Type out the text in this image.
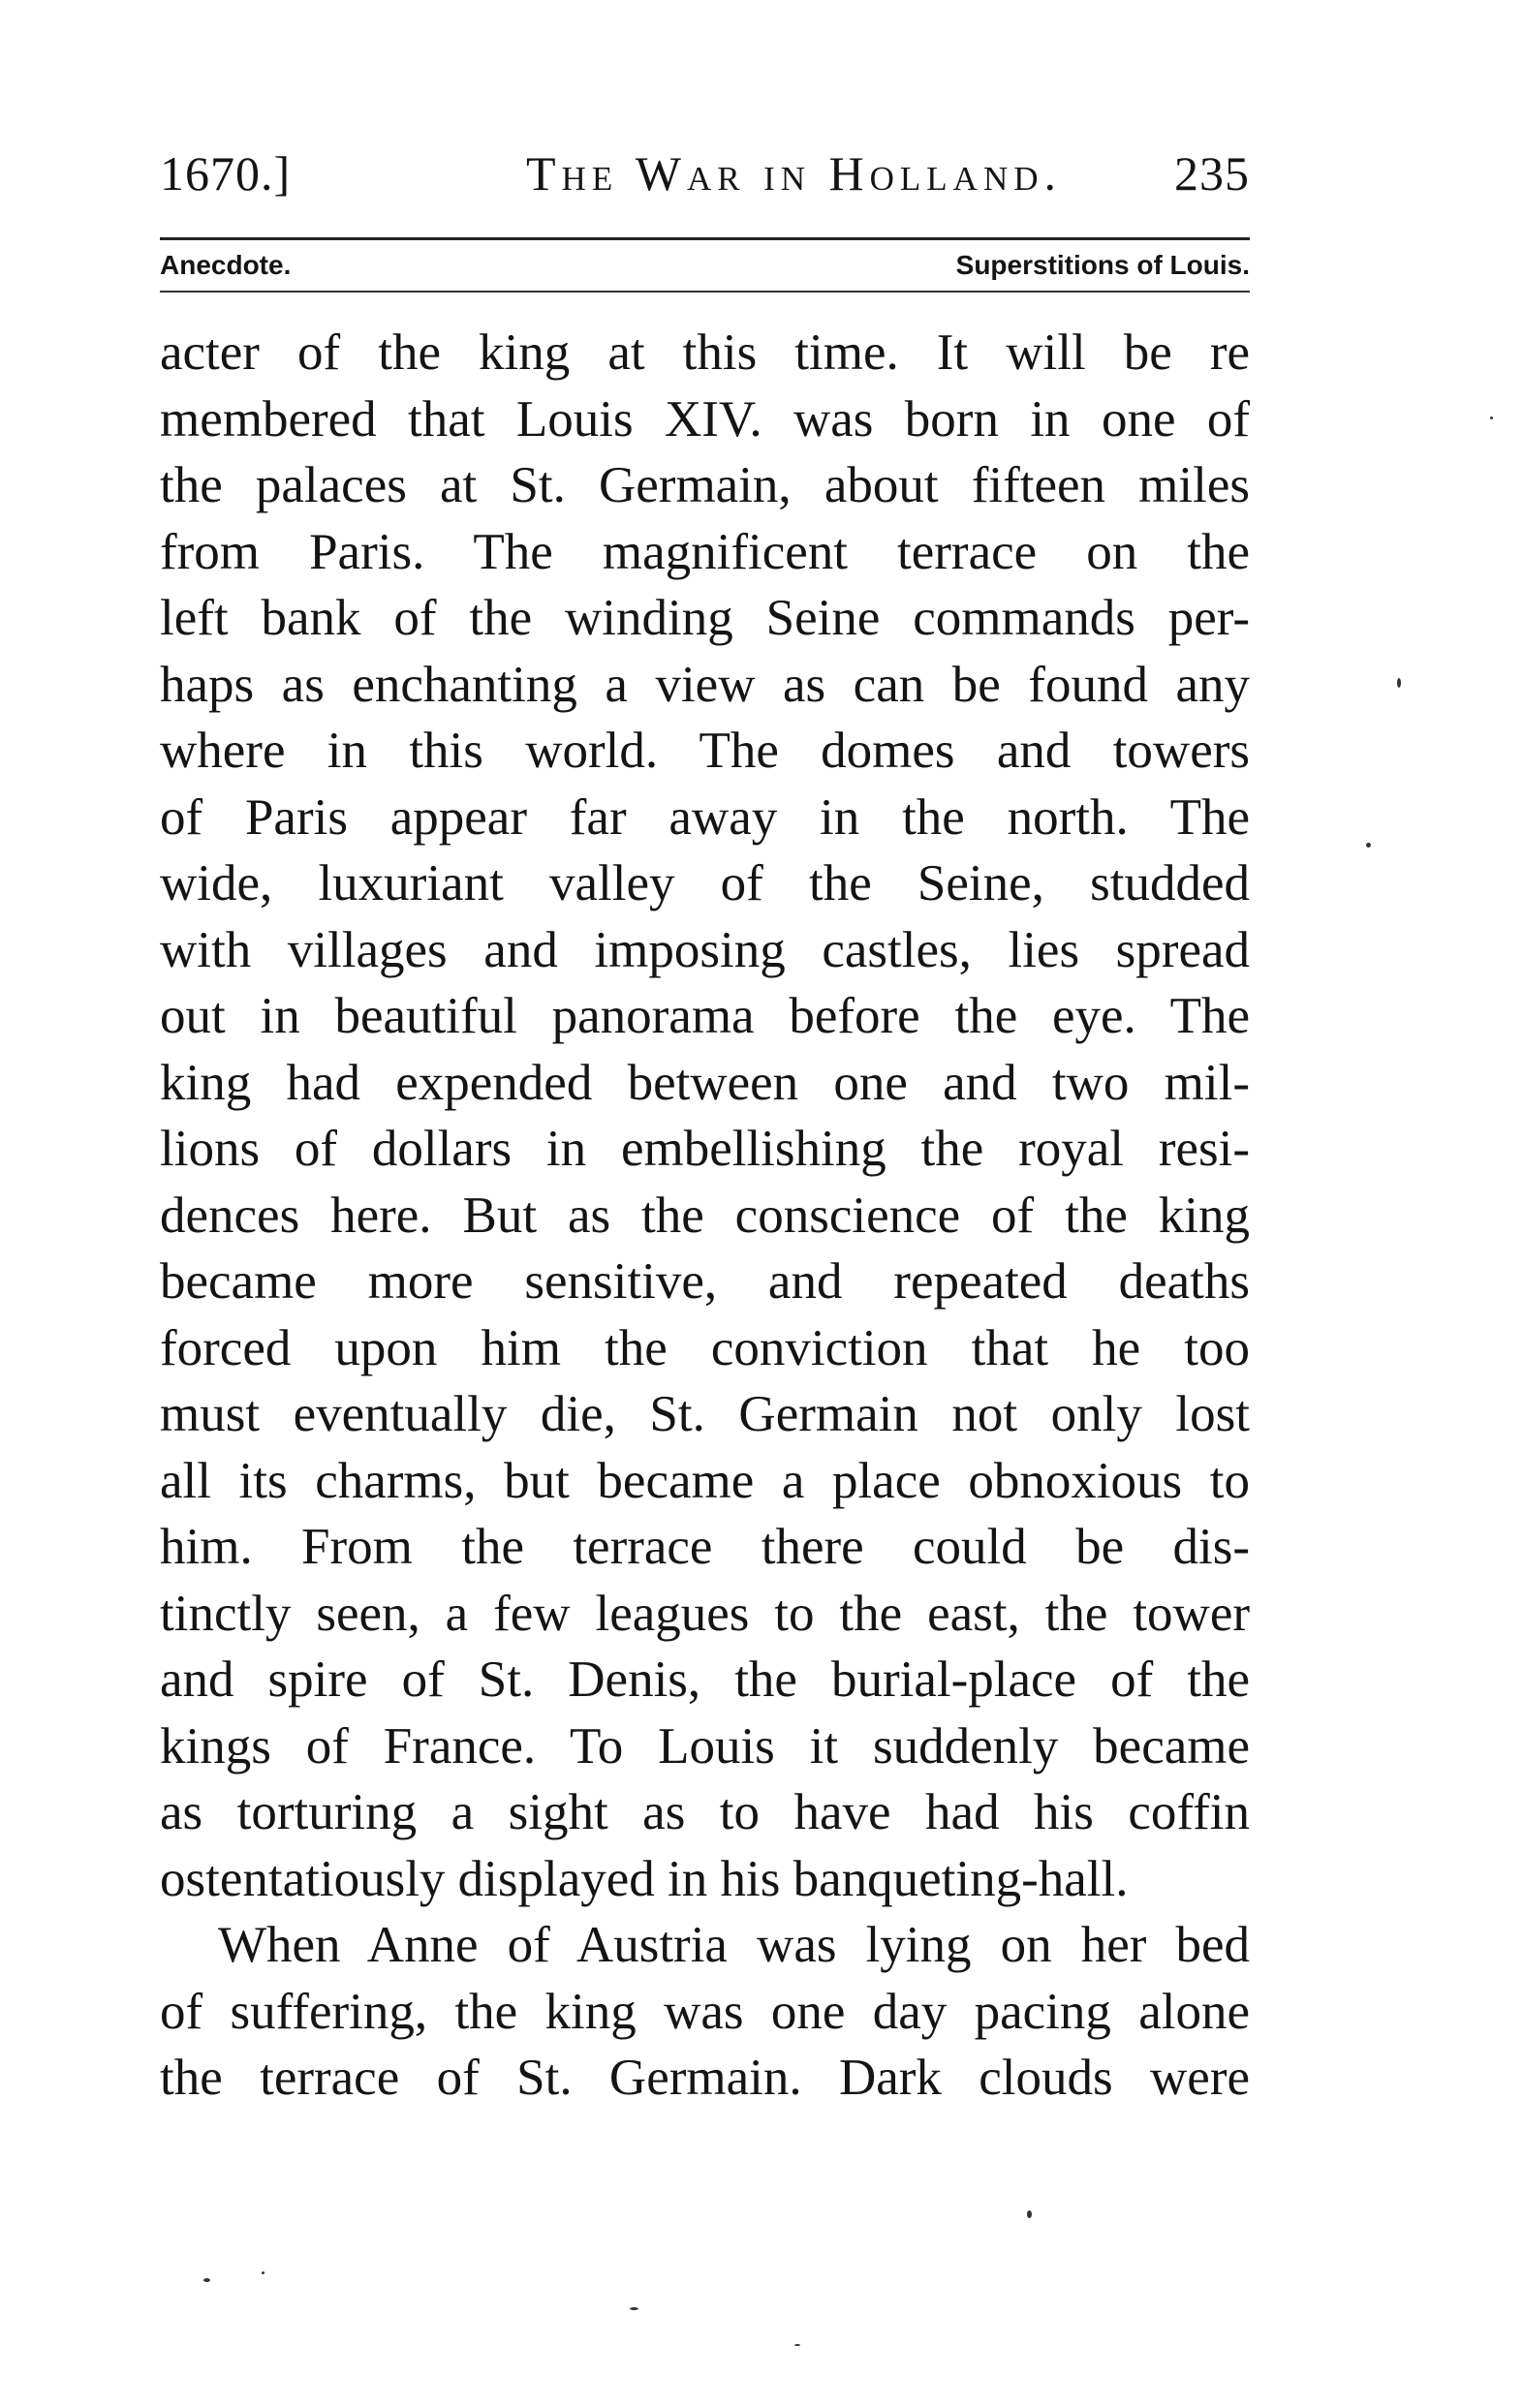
1670.]	The War in Holland. 235
Anecdote.	Superstitions of Louis.
acter of the king at this time. It will be re
membered that Louis XIV. was born in one of
the palaces at St. Germain, about fifteen miles
from Paris. The magnificent terrace on the
left bank of the winding Seine commands per-
haps as enchanting a view as can be found any
where in this world. The domes and towers
of Paris appear far away in the north. The
wide, luxuriant valley of the Seine, studded
with villages and imposing castles, lies spread
out in beautiful panorama before the eye. The
king had expended between one and two mil-
lions of dollars in embellishing the royal resi-
dences here. But as the conscience of the king
became more sensitive, and repeated deaths
forced upon him the conviction that he too
must eventually die, St. Germain not only lost
all its charms, but became a place obnoxious to
him. From the terrace there could be dis-
tinctly seen, a few leagues to the east, the tower
and spire of St. Denis, the burial-place of the
kings of France. To Louis it suddenly became
as torturing a sight as to have had his coffin
ostentatiously displayed in his banqueting-hall.
When Anne of Austria was lying on her bed
of suffering, the king was one day pacing alone
the terrace of St. Germain. Dark clouds were
